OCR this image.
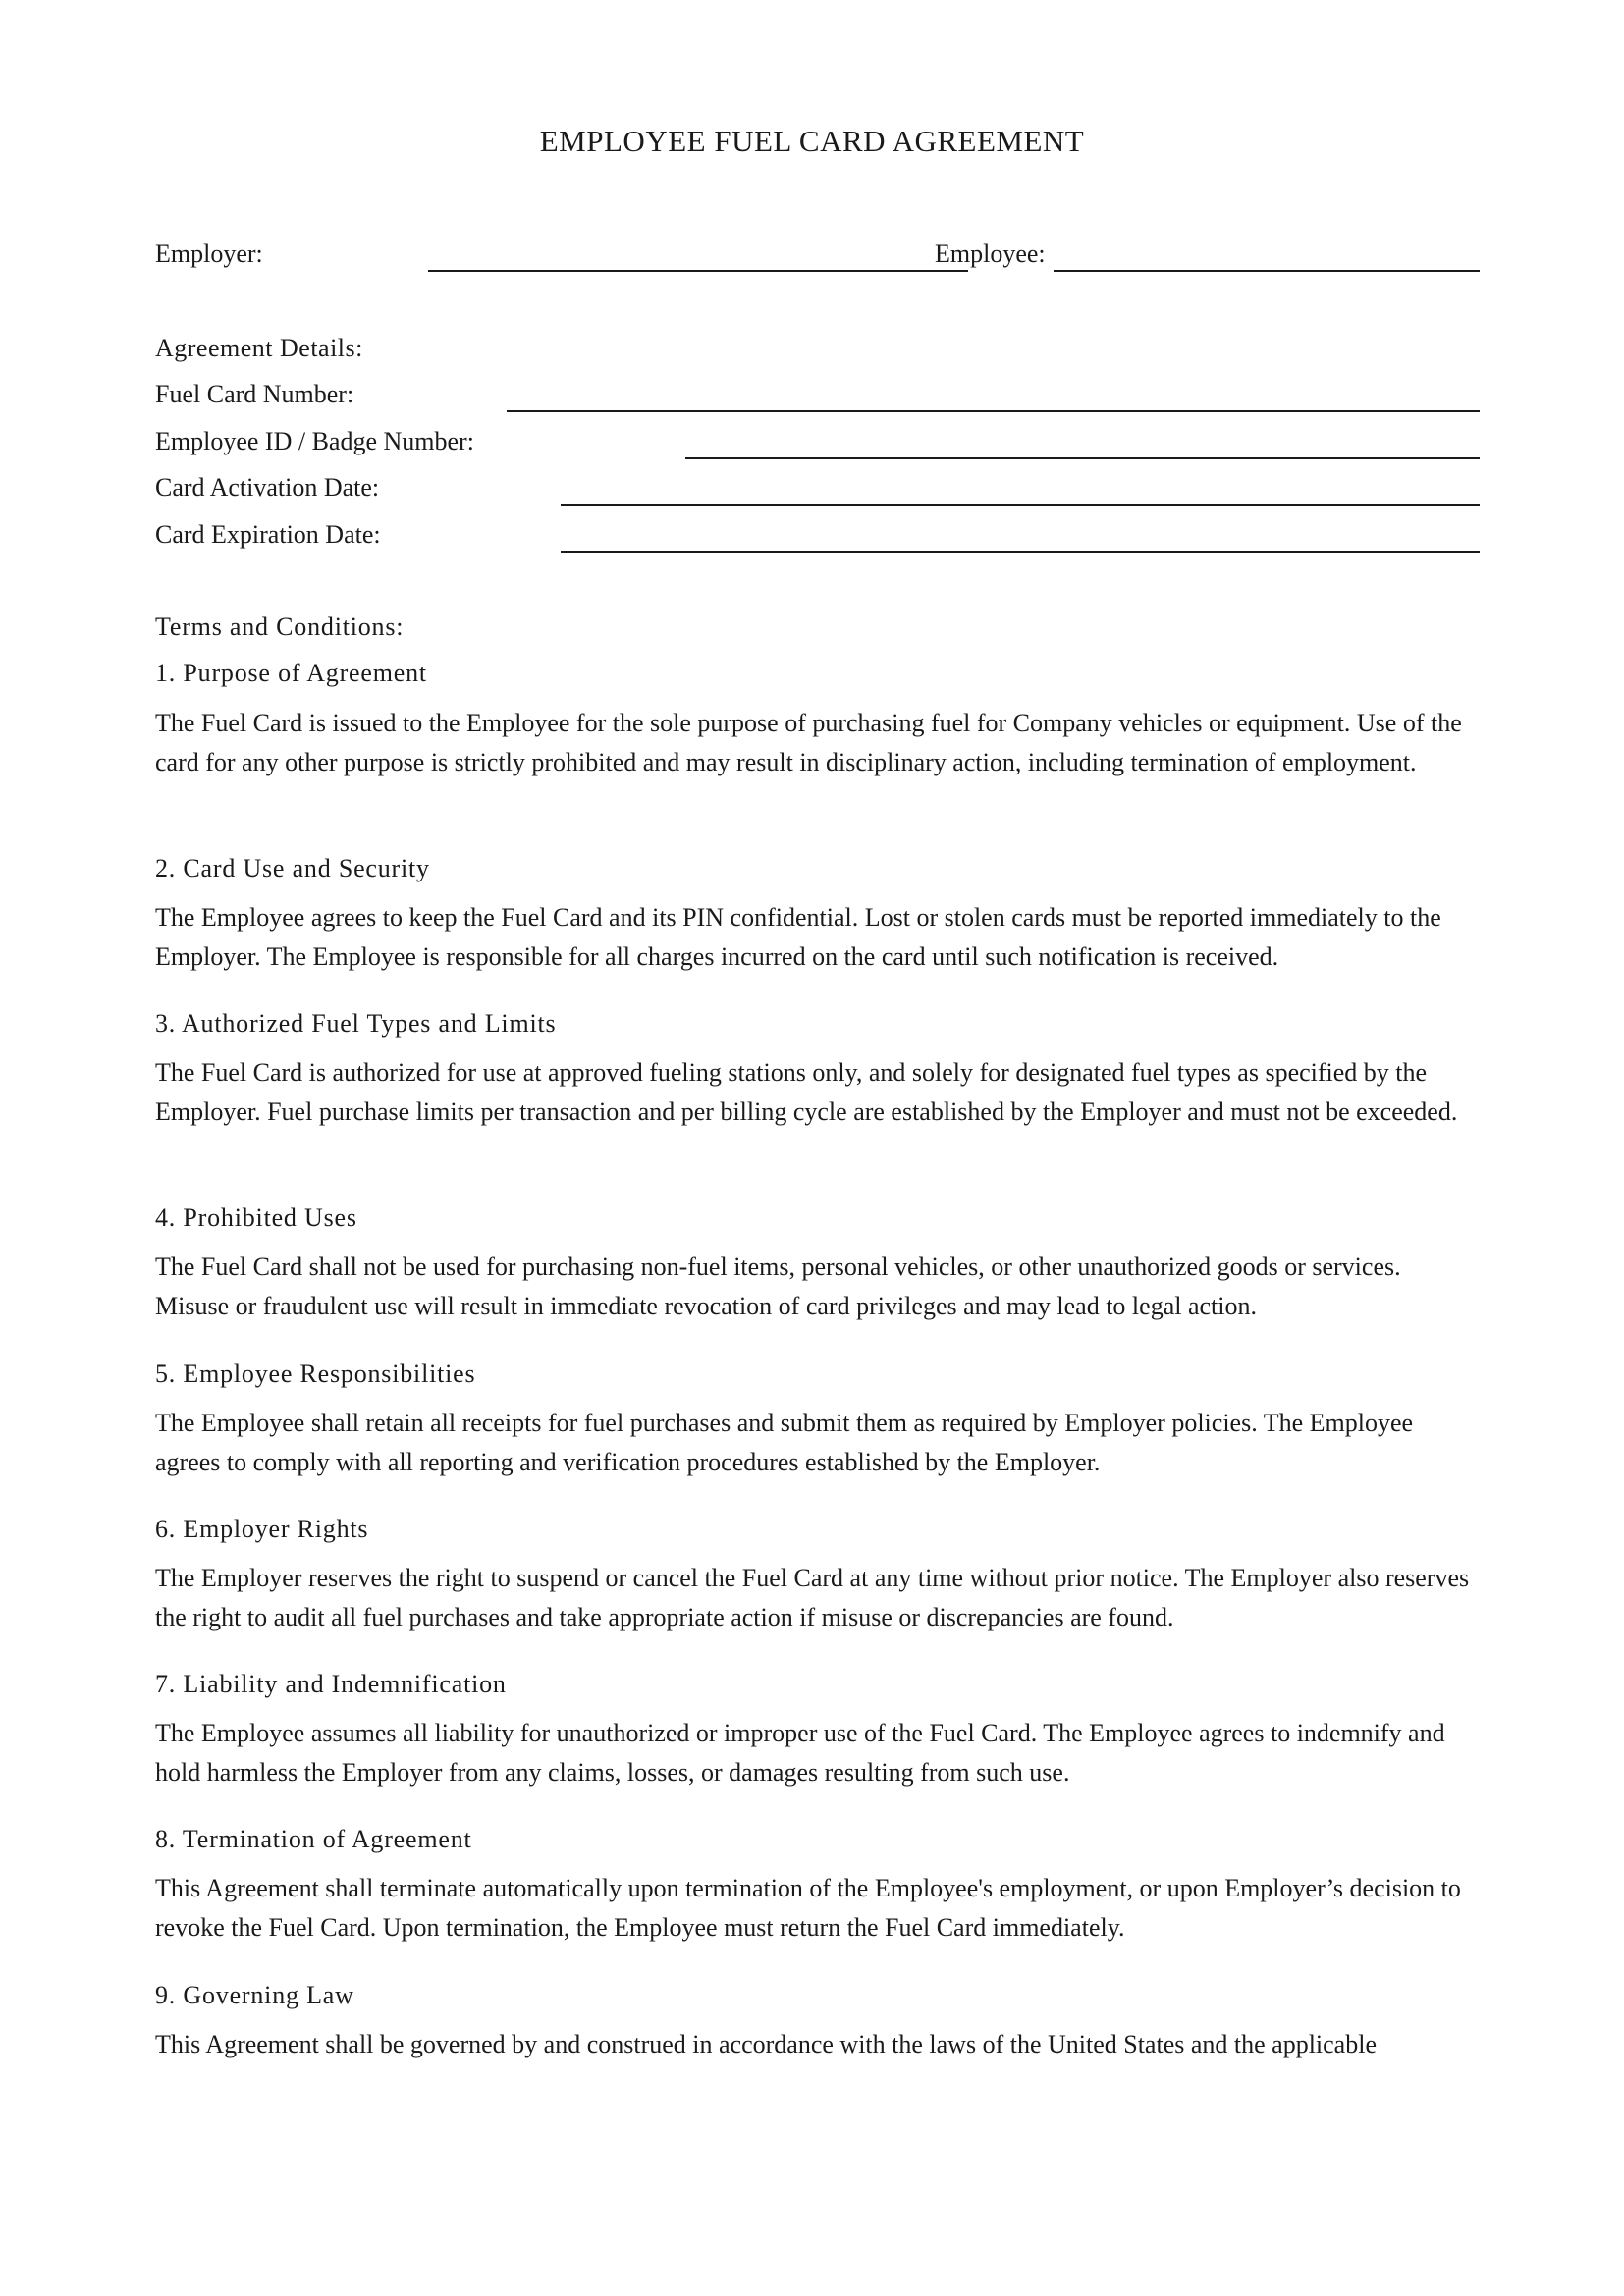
EMPLOYEE FUEL CARD AGREEMENT
Employer:	Employee:
Agreement Details:
Fuel Card Number:
Employee ID / Badge Number:
Card Activation Date:
Card Expiration Date:
Terms and Conditions:
1. Purpose of Agreement

The Fuel Card is issued to the Employee for the sole purpose of purchasing fuel for Company vehicles or equipment. Use of the card for any other purpose is strictly prohibited and may result in disciplinary action, including termination of employment.

2. Card Use and Security

The Employee agrees to keep the Fuel Card and its PIN confidential. Lost or stolen cards must be reported immediately to the Employer. The Employee is responsible for all charges incurred on the card until such notification is received.

3. Authorized Fuel Types and Limits

The Fuel Card is authorized for use at approved fueling stations only, and solely for designated fuel types as specified by the Employer. Fuel purchase limits per transaction and per billing cycle are established by the Employer and must not be exceeded.

4. Prohibited Uses

The Fuel Card shall not be used for purchasing non-fuel items, personal vehicles, or other unauthorized goods or services. Misuse or fraudulent use will result in immediate revocation of card privileges and may lead to legal action.

5. Employee Responsibilities

The Employee shall retain all receipts for fuel purchases and submit them as required by Employer policies. The Employee agrees to comply with all reporting and verification procedures established by the Employer.

6. Employer Rights

The Employer reserves the right to suspend or cancel the Fuel Card at any time without prior notice. The Employer also reserves the right to audit all fuel purchases and take appropriate action if misuse or discrepancies are found.

7. Liability and Indemnification

The Employee assumes all liability for unauthorized or improper use of the Fuel Card. The Employee agrees to indemnify and hold harmless the Employer from any claims, losses, or damages resulting from such use.

8. Termination of Agreement

This Agreement shall terminate automatically upon termination of the Employee's employment, or upon Employer’s decision to revoke the Fuel Card. Upon termination, the Employee must return the Fuel Card immediately.

9. Governing Law

This Agreement shall be governed by and construed in accordance with the laws of the United States and the applicable
